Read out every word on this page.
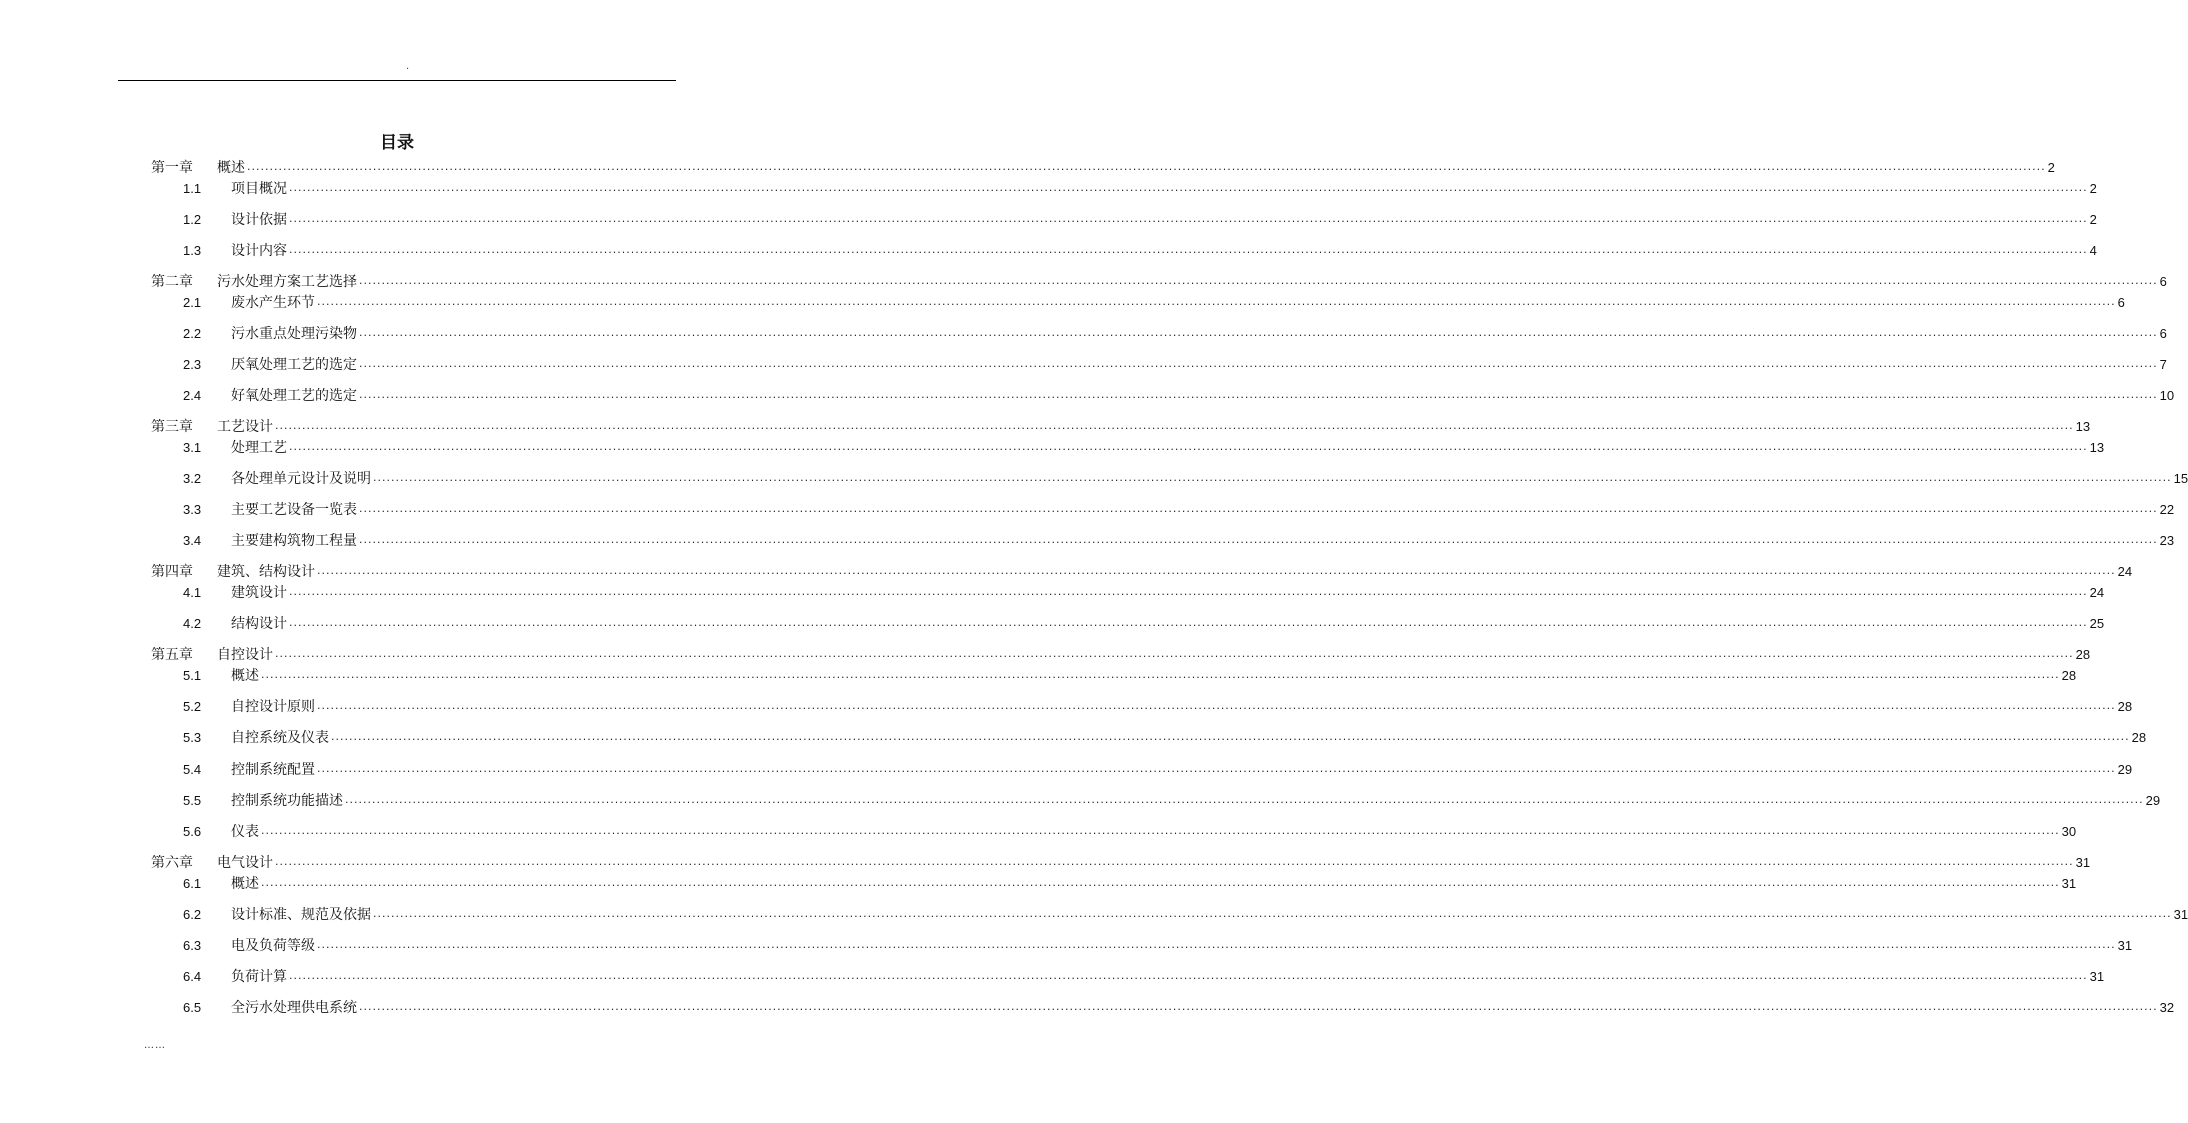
.
目录
第一章	概述 ................................................................................................................................................................................................................................................................................................................................................................................................................ 2
1.1	项目概况 ................................................................................................................................................................................................................................................................................................................................................................................................................ 2
1.2	设计依据 ................................................................................................................................................................................................................................................................................................................................................................................................................ 2
1.3	设计内容 ................................................................................................................................................................................................................................................................................................................................................................................................................ 4
第二章	污水处理方案工艺选择 ................................................................................................................................................................................................................................................................................................................................................................................................................ 6
2.1	废水产生环节 ................................................................................................................................................................................................................................................................................................................................................................................................................ 6
2.2	污水重点处理污染物 ................................................................................................................................................................................................................................................................................................................................................................................................................ 6
2.3	厌氧处理工艺的选定 ................................................................................................................................................................................................................................................................................................................................................................................................................ 7
2.4	好氧处理工艺的选定 ................................................................................................................................................................................................................................................................................................................................................................................................................ 10
第三章	工艺设计 ................................................................................................................................................................................................................................................................................................................................................................................................................ 13
3.1	处理工艺 ................................................................................................................................................................................................................................................................................................................................................................................................................ 13
3.2	各处理单元设计及说明 ................................................................................................................................................................................................................................................................................................................................................................................................................ 15
3.3	主要工艺设备一览表 ................................................................................................................................................................................................................................................................................................................................................................................................................ 22
3.4	主要建构筑物工程量 ................................................................................................................................................................................................................................................................................................................................................................................................................ 23
第四章	建筑、结构设计 ................................................................................................................................................................................................................................................................................................................................................................................................................ 24
4.1	建筑设计 ................................................................................................................................................................................................................................................................................................................................................................................................................ 24
4.2	结构设计 ................................................................................................................................................................................................................................................................................................................................................................................................................ 25
第五章	自控设计 ................................................................................................................................................................................................................................................................................................................................................................................................................ 28
5.1	概述 ................................................................................................................................................................................................................................................................................................................................................................................................................ 28
5.2	自控设计原则 ................................................................................................................................................................................................................................................................................................................................................................................................................ 28
5.3	自控系统及仪表 ................................................................................................................................................................................................................................................................................................................................................................................................................ 28
5.4	控制系统配置 ................................................................................................................................................................................................................................................................................................................................................................................................................ 29
5.5	控制系统功能描述 ................................................................................................................................................................................................................................................................................................................................................................................................................ 29
5.6	仪表 ................................................................................................................................................................................................................................................................................................................................................................................................................ 30
第六章	电气设计 ................................................................................................................................................................................................................................................................................................................................................................................................................ 31
6.1	概述 ................................................................................................................................................................................................................................................................................................................................................................................................................ 31
6.2	设计标准、规范及依据 ................................................................................................................................................................................................................................................................................................................................................................................................................ 31
6.3	电及负荷等级 ................................................................................................................................................................................................................................................................................................................................................................................................................ 31
6.4	负荷计算 ................................................................................................................................................................................................................................................................................................................................................................................................................ 31
6.5	全污水处理供电系统 ................................................................................................................................................................................................................................................................................................................................................................................................................ 32
……
